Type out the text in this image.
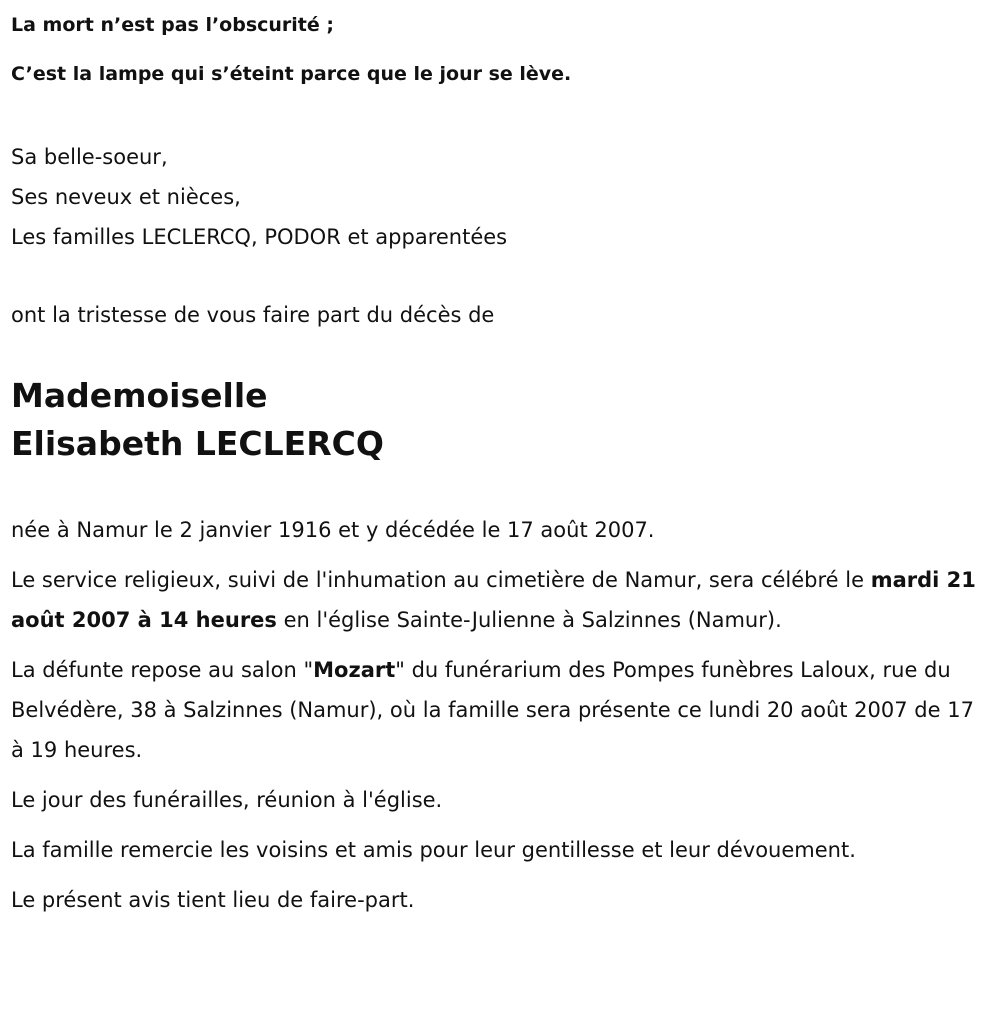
La mort n’est pas l’obscurité ;
C’est la lampe qui s’éteint parce que le jour se lève.
Sa belle-soeur,
Ses neveux et nièces,
Les familles LECLERCQ, PODOR et apparentées
ont la tristesse de vous faire part du décès de
Mademoiselle
Elisabeth LECLERCQ

née à Namur le 2 janvier 1916 et y décédée le 17 août 2007.

Le service religieux, suivi de l'inhumation au cimetière de Namur, sera célébré le mardi 21 août 2007 à 14 heures en l'église Sainte-Julienne à Salzinnes (Namur).

La défunte repose au salon "Mozart" du funérarium des Pompes funèbres Laloux, rue du Belvédère, 38 à Salzinnes (Namur), où la famille sera présente ce lundi 20 août 2007 de 17 à 19 heures.

Le jour des funérailles, réunion à l'église.

La famille remercie les voisins et amis pour leur gentillesse et leur dévouement.

Le présent avis tient lieu de faire-part.
